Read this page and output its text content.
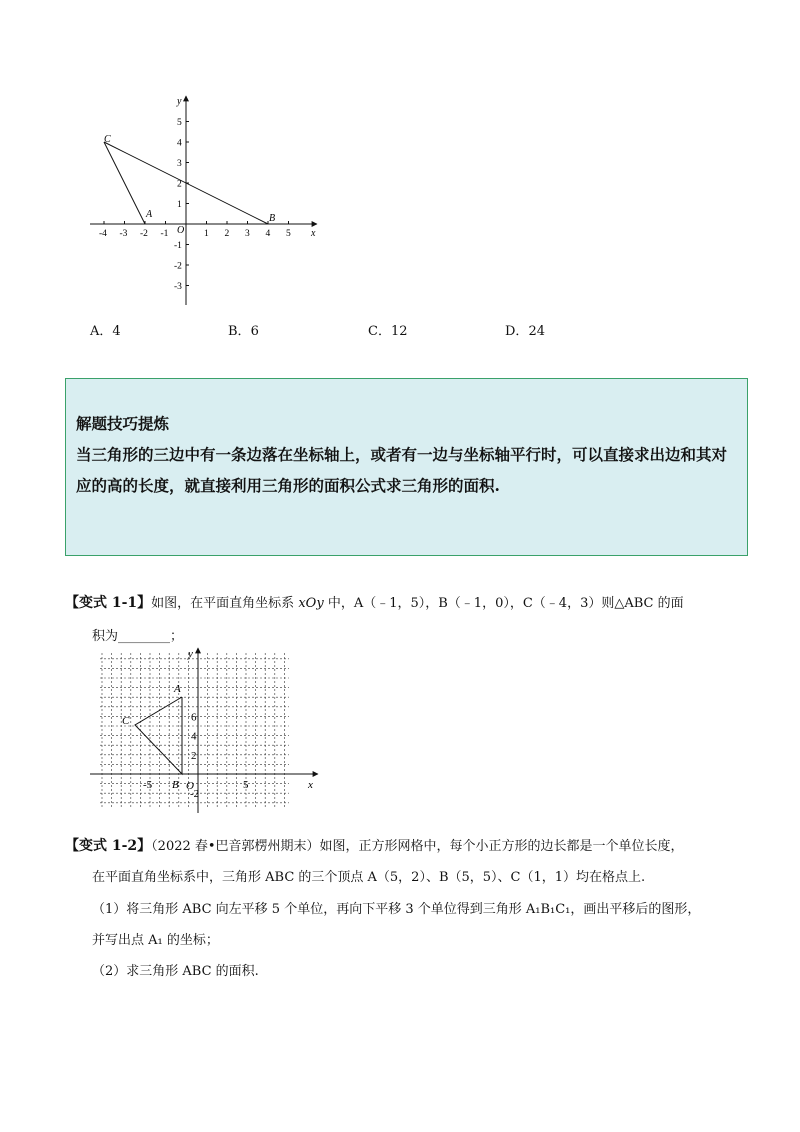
x
y
O
-4 -3 -2 -1	1 2 3 4 5
5
4
3
2
1
-1
-2
-3
C
A	B
A．4	B．6	C．12	D．24
解题技巧提炼
当三角形的三边中有一条边落在坐标轴上，或者有一边与坐标轴平行时，可以直接求出边和其对应的高的长度，就直接利用三角形的面积公式求三角形的面积.
【变式 1-1】如图，在平面直角坐标系 xOy 中，A（﹣1，5），B（﹣1，0），C（﹣4，3）则△ABC 的面
积为________；
x
y
O
-5	5
6
4
2
-2
A
C
B
【变式 1-2】（2022 春•巴音郭楞州期末）如图，正方形网格中，每个小正方形的边长都是一个单位长度，
在平面直角坐标系中，三角形 ABC 的三个顶点 A（5，2）、B（5，5）、C（1，1）均在格点上.
（1）将三角形 ABC 向左平移 5 个单位，再向下平移 3 个单位得到三角形 A₁B₁C₁，画出平移后的图形，
并写出点 A₁ 的坐标；
（2）求三角形 ABC 的面积.
